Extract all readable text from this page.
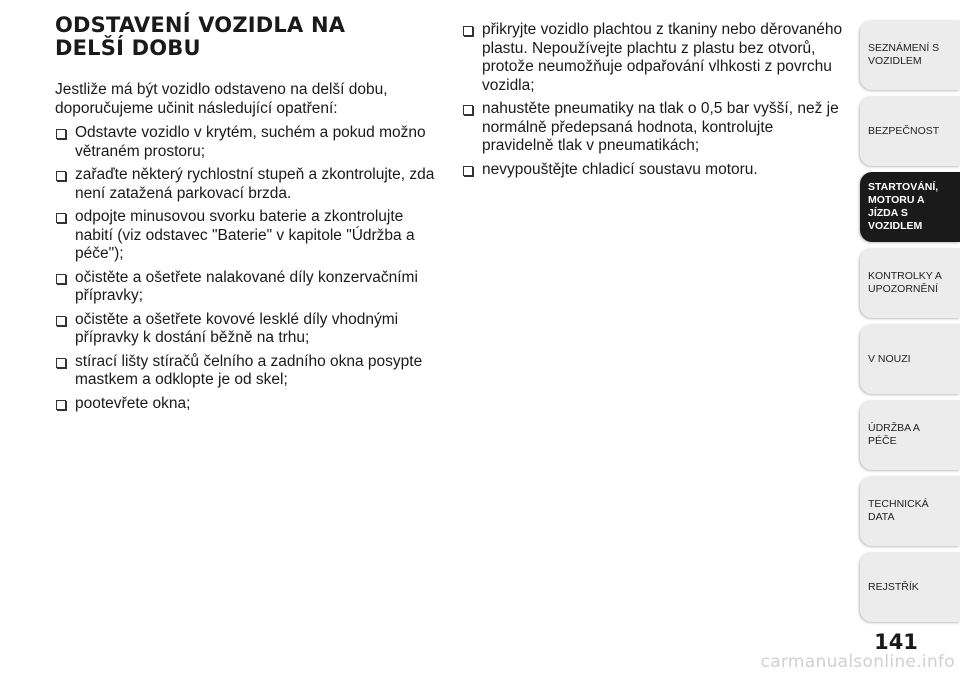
ODSTAVENÍ VOZIDLA NA DELŠÍ DOBU

Jestliže má být vozidlo odstaveno na delší dobu, doporučujeme učinit následující opatření:

Odstavte vozidlo v krytém, suchém a pokud možno větraném prostoru;
zařaďte některý rychlostní stupeň a zkontrolujte, zda není zatažená parkovací brzda.
odpojte minusovou svorku baterie a zkontrolujte nabití (viz odstavec "Baterie" v kapitole "Údržba a péče");
očistěte a ošetřete nalakované díly konzervačními přípravky;
očistěte a ošetřete kovové lesklé díly vhodnými přípravky k dostání běžně na trhu;
stírací lišty stíračů čelního a zadního okna posypte mastkem a odklopte je od skel;
pootevřete okna;
přikryjte vozidlo plachtou z tkaniny nebo děrovaného plastu. Nepoužívejte plachtu z plastu bez otvorů, protože neumožňuje odpařování vlhkosti z povrchu vozidla;
nahustěte pneumatiky na tlak o 0,5 bar vyšší, než je normálně předepsaná hodnota, kontrolujte pravidelně tlak v pneumatikách;
nevypouštějte chladicí soustavu motoru.
SEZNÁMENÍ S VOZIDLEM
BEZPEČNOST
STARTOVÁNÍ, MOTORU A JÍZDA S VOZIDLEM
KONTROLKY A UPOZORNĚNÍ
V NOUZI
ÚDRŽBA A PÉČE
TECHNICKÁ DATA
REJSTŘÍK
141
carmanualsonline.info
